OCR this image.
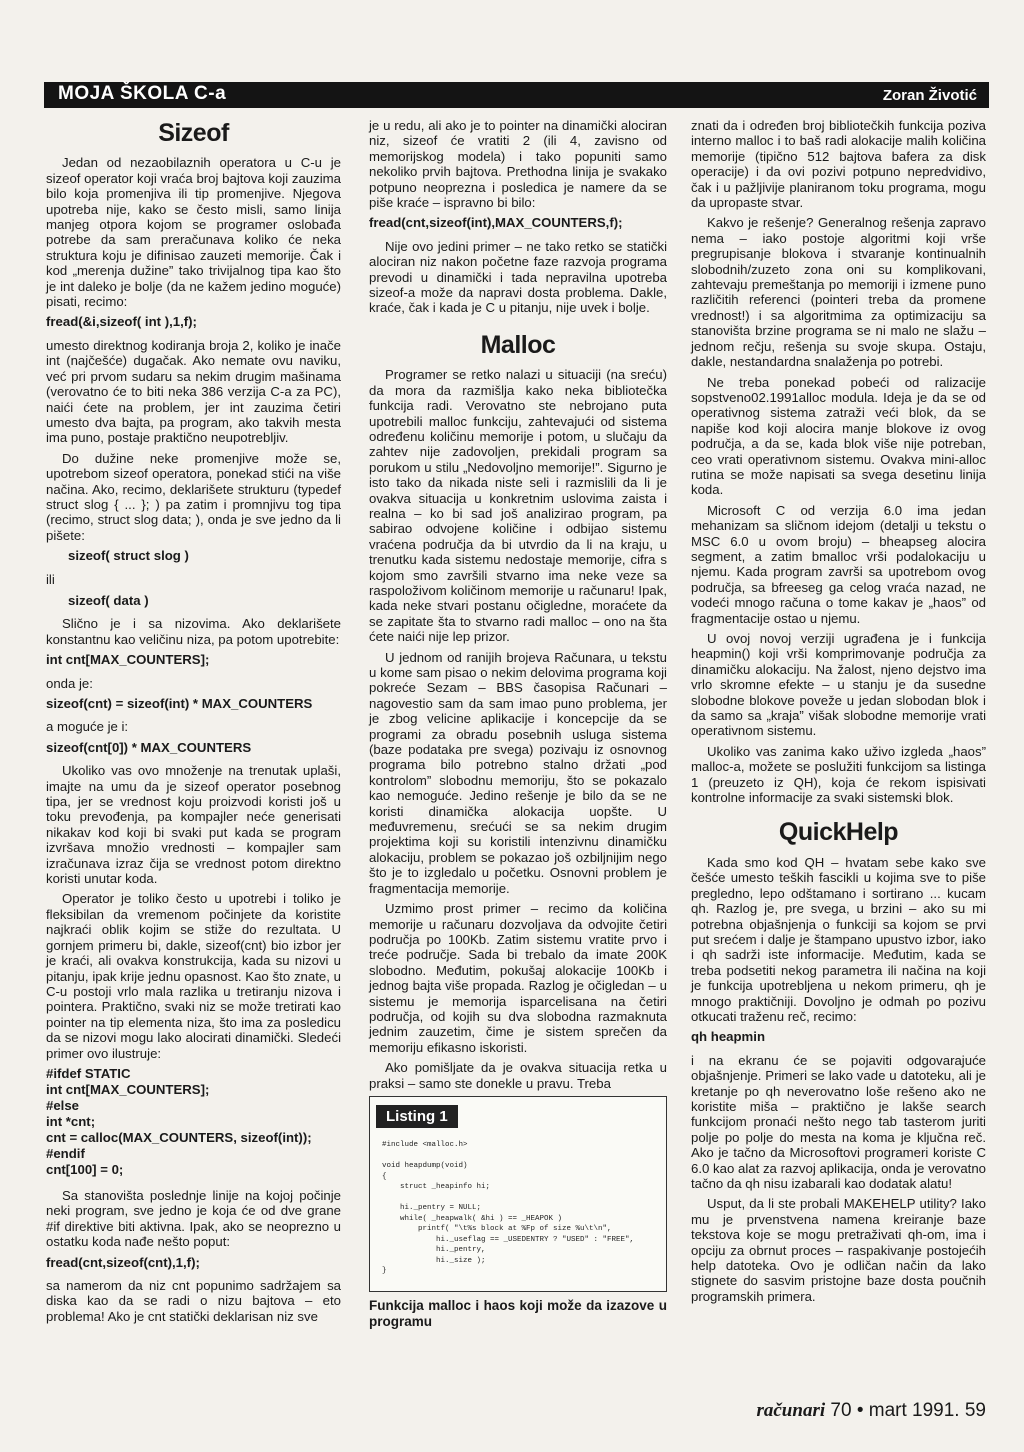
MOJA ŠKOLA C-a	Zoran Životić
Sizeof

Jedan od nezaobilaznih operatora u C-u je sizeof operator koji vraća broj bajtova koji zauzima bilo koja promenjiva ili tip promenjive. Njegova upotreba nije, kako se često misli, samo linija manjeg otpora kojom se programer oslobađa potrebe da sam preračunava koliko će neka struktura koju je difinisao zauzeti memorije. Čak i kod „merenja dužine” tako trivijalnog tipa kao što je int daleko je bolje (da ne kažem jedino moguće) pisati, recimo:

fread(&i,sizeof( int ),1,f);

umesto direktnog kodiranja broja 2, koliko je inače int (najčešće) dugačak. Ako nemate ovu naviku, već pri prvom sudaru sa nekim drugim mašinama (verovatno će to biti neka 386 verzija C-a za PC), naići ćete na problem, jer int zauzima četiri umesto dva bajta, pa program, ako takvih mesta ima puno, postaje praktično neupotrebljiv.

Do dužine neke promenjive može se, upotrebom sizeof operatora, ponekad stići na više načina. Ako, recimo, deklarišete strukturu (typedef struct slog { ... }; ) pa zatim i promnjivu tog tipa (recimo, struct slog data; ), onda je sve jedno da li pišete:

sizeof( struct slog )
ili
sizeof( data )

Slično je i sa nizovima. Ako deklarišete konstantnu kao veličinu niza, pa potom upotrebite:

int cnt[MAX_COUNTERS];

onda je:

sizeof(cnt) = sizeof(int) * MAX_COUNTERS

a moguće je i:

sizeof(cnt[0]) * MAX_COUNTERS

Ukoliko vas ovo množenje na trenutak uplaši, imajte na umu da je sizeof operator posebnog tipa, jer se vrednost koju proizvodi koristi još u toku prevođenja, pa kompajler neće generisati nikakav kod koji bi svaki put kada se program izvršava množio vrednosti – kompajler sam izračunava izraz čija se vrednost potom direktno koristi unutar koda.

Operator je toliko često u upotrebi i toliko je fleksibilan da vremenom počinjete da koristite najkraći oblik kojim se stiže do rezultata. U gornjem primeru bi, dakle, sizeof(cnt) bio izbor jer je kraći, ali ovakva konstrukcija, kada su nizovi u pitanju, ipak krije jednu opasnost. Kao što znate, u C-u postoji vrlo mala razlika u tretiranju nizova i pointera. Praktično, svaki niz se može tretirati kao pointer na tip elementa niza, što ima za posledicu da se nizovi mogu lako alocirati dinamički. Sledeći primer ovo ilustruje:

#ifdef STATIC
int cnt[MAX_COUNTERS];
#else
int *cnt;
cnt = calloc(MAX_COUNTERS, sizeof(int));
#endif
cnt[100] = 0;

Sa stanovišta poslednje linije na kojoj počinje neki program, sve jedno je koja će od dve grane #if direktive biti aktivna. Ipak, ako se neoprezno u ostatku koda nađe nešto poput:

fread(cnt,sizeof(cnt),1,f);

sa namerom da niz cnt popunimo sadržajem sa diska kao da se radi o nizu bajtova – eto problema! Ako je cnt statički deklarisan niz sve

je u redu, ali ako je to pointer na dinamički alociran niz, sizeof će vratiti 2 (ili 4, zavisno od memorijskog modela) i tako popuniti samo nekoliko prvih bajtova. Prethodna linija je svakako potpuno neoprezna i posledica je namere da se piše kraće – ispravno bi bilo:

fread(cnt,sizeof(int),MAX_COUNTERS,f);

Nije ovo jedini primer – ne tako retko se statički alociran niz nakon početne faze razvoja programa prevodi u dinamički i tada nepravilna upotreba sizeof-a može da napravi dosta problema. Dakle, kraće, čak i kada je C u pitanju, nije uvek i bolje.

Malloc

Programer se retko nalazi u situaciji (na sreću) da mora da razmišlja kako neka bibliotečka funkcija radi. Verovatno ste nebrojano puta upotrebili malloc funkciju, zahtevajući od sistema određenu količinu memorije i potom, u slučaju da zahtev nije zadovoljen, prekidali program sa porukom u stilu „Nedovoljno memorije!”. Sigurno je isto tako da nikada niste seli i razmislili da li je ovakva situacija u konkretnim uslovima zaista i realna – ko bi sad još analizirao program, pa sabirao odvojene količine i odbijao sistemu vraćena područja da bi utvrdio da li na kraju, u trenutku kada sistemu nedostaje memorije, cifra s kojom smo završili stvarno ima neke veze sa raspoloživom količinom memorije u računaru! Ipak, kada neke stvari postanu očigledne, moraćete da se zapitate šta to stvarno radi malloc – ono na šta ćete naići nije lep prizor.

U jednom od ranijih brojeva Računara, u tekstu u kome sam pisao o nekim delovima programa koji pokreće Sezam – BBS časopisa Računari – nagovestio sam da sam imao puno problema, jer je zbog velicine aplikacije i koncepcije da se programi za obradu posebnih usluga sistema (baze podataka pre svega) pozivaju iz osnovnog programa bilo potrebno stalno držati „pod kontrolom” slobodnu memoriju, što se pokazalo kao nemoguće. Jedino rešenje je bilo da se ne koristi dinamička alokacija uopšte. U međuvremenu, srećući se sa nekim drugim projektima koji su koristili intenzivnu dinamičku alokaciju, problem se pokazao još ozbiljnijim nego što je to izgledalo u početku. Osnovni problem je fragmentacija memorije.

Uzmimo prost primer – recimo da količina memorije u računaru dozvoljava da odvojite četiri područja po 100Kb. Zatim sistemu vratite prvo i treće područje. Sada bi trebalo da imate 200K slobodno. Međutim, pokušaj alokacije 100Kb i jednog bajta više propada. Razlog je očigledan – u sistemu je memorija isparcelisana na četiri područja, od kojih su dva slobodna razmaknuta jednim zauzetim, čime je sistem sprečen da memoriju efikasno iskoristi.

Ako pomišljate da je ovakva situacija retka u praksi – samo ste donekle u pravu. Treba

Listing 1
#include <malloc.h>

void heapdump(void)
{
struct _heapinfo hi;

hi._pentry = NULL;
while( _heapwalk( &hi ) == _HEAPOK )
printf( "\t%s block at %Fp of size %u\t\n",
hi._useflag == _USEDENTRY ? "USED" : "FREE",
hi._pentry,
hi._size );
}
Funkcija malloc i haos koji može da izazove u programu

znati da i određen broj bibliotečkih funkcija poziva interno malloc i to baš radi alokacije malih količina memorije (tipično 512 bajtova bafera za disk operacije) i da ovi pozivi potpuno nepredvidivo, čak i u pažljivije planiranom toku programa, mogu da upropaste stvar.

Kakvo je rešenje? Generalnog rešenja zapravo nema – iako postoje algoritmi koji vrše pregrupisanje blokova i stvaranje kontinualnih slobodnih/zuzeto zona oni su komplikovani, zahtevaju premeštanja po memoriji i izmene puno različitih referenci (pointeri treba da promene vrednost!) i sa algoritmima za optimizaciju sa stanovišta brzine programa se ni malo ne slažu – jednom rečju, rešenja su svoje skupa. Ostaju, dakle, nestandardna snalaženja po potrebi.

Ne treba ponekad pobeći od ralizacije sopstveno02.1991alloc modula. Ideja je da se od operativnog sistema zatraži veći blok, da se napiše kod koji alocira manje blokove iz ovog područja, a da se, kada blok više nije potreban, ceo vrati operativnom sistemu. Ovakva mini-alloc rutina se može napisati sa svega desetinu linija koda.

Microsoft C od verzija 6.0 ima jedan mehanizam sa sličnom idejom (detalji u tekstu o MSC 6.0 u ovom broju) – bheapseg alocira segment, a zatim bmalloc vrši podalokaciju u njemu. Kada program završi sa upotrebom ovog područja, sa bfreeseg ga celog vraća nazad, ne vodeći mnogo računa o tome kakav je „haos” od fragmentacije ostao u njemu.

U ovoj novoj verziji ugrađena je i funkcija heapmin() koji vrši komprimovanje područja za dinamičku alokaciju. Na žalost, njeno dejstvo ima vrlo skromne efekte – u stanju je da susedne slobodne blokove poveže u jedan slobodan blok i da samo sa „kraja” višak slobodne memorije vrati operativnom sistemu.

Ukoliko vas zanima kako uživo izgleda „haos” malloc-a, možete se poslužiti funkcijom sa listinga 1 (preuzeto iz QH), koja će rekom ispisivati kontrolne informacije za svaki sistemski blok.

QuickHelp

Kada smo kod QH – hvatam sebe kako sve češće umesto teških fascikli u kojima sve to piše pregledno, lepo odštamano i sortirano ... kucam qh. Razlog je, pre svega, u brzini – ako su mi potrebna objašnjenja o funkciji sa kojom se prvi put srećem i dalje je štampano upustvo izbor, iako i qh sadrži iste informacije. Međutim, kada se treba podsetiti nekog parametra ili načina na koji je funkcija upotrebljena u nekom primeru, qh je mnogo praktičniji. Dovoljno je odmah po pozivu otkucati traženu reč, recimo:

qh heapmin

i na ekranu će se pojaviti odgovarajuće objašnjenje. Primeri se lako vade u datoteku, ali je kretanje po qh neverovatno lošе rešeno ako ne koristite miša – praktično je lakše search funkcijom pronaći nešto nego tab tasterom juriti polje po polje do mesta na koma je ključna reč. Ako je tačno da Microsoftovi programeri koriste C 6.0 kao alat za razvoj aplikacija, onda je verovatno tačno da qh nisu izabarali kao dodatak alatu!

Usput, da li ste probali MAKEHELP utility? Iako mu je prvenstvena namena kreiranje baze tekstova koje se mogu pretraživati qh-om, ima i opciju za obrnut proces – raspakivanje postojećih help datoteka. Ovo je odličan način da lako stignete do sasvim pristojne baze dosta poučnih programskih primera.

računari 70 • mart 1991. 59
